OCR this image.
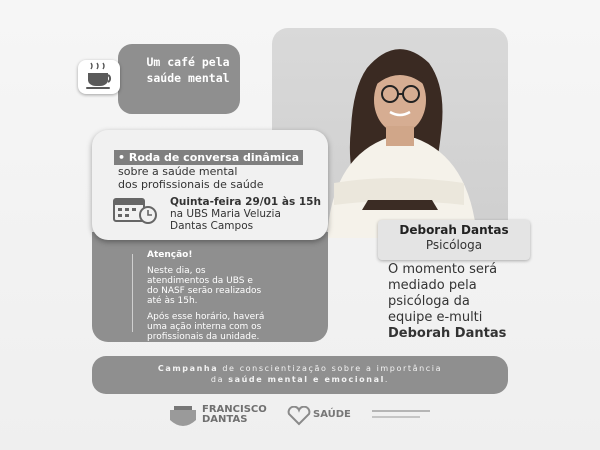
Um café pela saúde mental
Deborah Dantas
Psicóloga
Atenção!
Neste dia, os
atendimentos da UBS e
do NASF serão realizados
até às 15h.
Após esse horário, haverá
uma ação interna com os
profissionais da unidade.
• Roda de conversa dinâmica
sobre a saúde mental
dos profissionais de saúde
Quinta-feira 29/01 às 15h
na UBS Maria Veluzia
Dantas Campos
O momento será
mediado pela
psicóloga da
equipe e-multi
Deborah Dantas
Campanha de conscientização sobre a importância
da saúde mental e emocional.
FRANCISCO
DANTAS	SAÚDE
